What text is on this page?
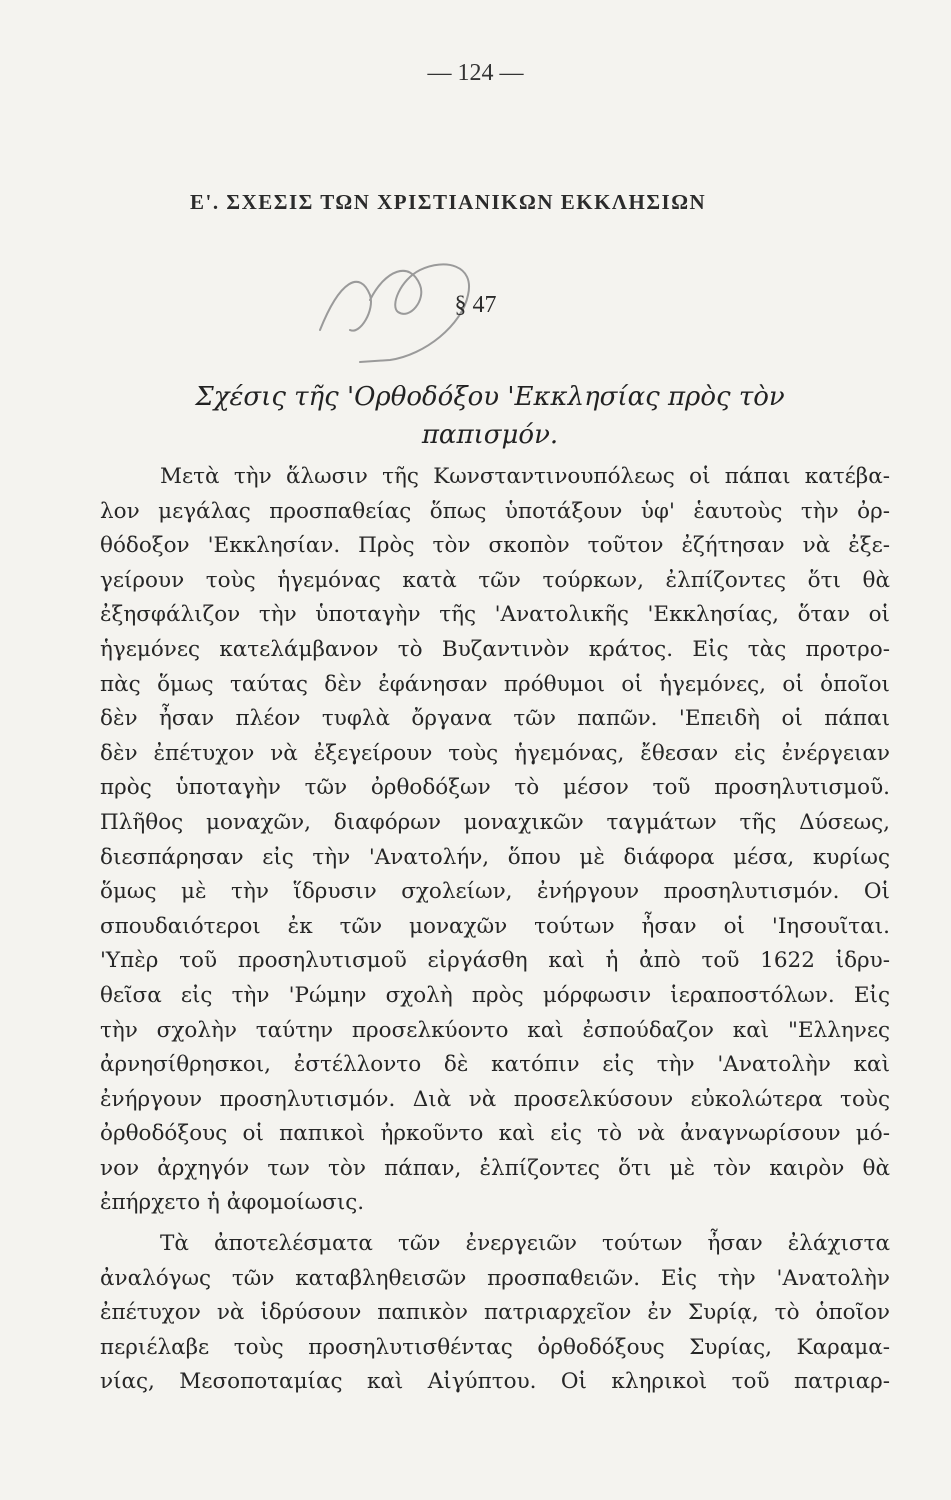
— 124 —
Ε'. ΣΧΕΣΙΣ ΤΩΝ ΧΡΙΣΤΙΑΝΙΚΩΝ ΕΚΚΛΗΣΙΩΝ
§ 47
Σχέσις τῆς 'Ορθοδόξου 'Εκκλησίας πρὸς τὸν
παπισμόν.
Μετὰ τὴν ἅλωσιν τῆς Κωνσταντινουπόλεως οἱ πάπαι κατέβα-
λον μεγάλας προσπαθείας ὅπως ὑποτάξουν ὑφ' ἑαυτοὺς τὴν ὀρ-
θόδοξον 'Εκκλησίαν. Πρὸς τὸν σκοπὸν τοῦτον ἐζήτησαν νὰ ἐξε-
γείρουν τοὺς ἡγεμόνας κατὰ τῶν τούρκων, ἐλπίζοντες ὅτι θὰ
ἐξησφάλιζον τὴν ὑποταγὴν τῆς 'Ανατολικῆς 'Εκκλησίας, ὅταν οἱ
ἡγεμόνες κατελάμβανον τὸ Βυζαντινὸν κράτος. Εἰς τὰς προτρο-
πὰς ὅμως ταύτας δὲν ἐφάνησαν πρόθυμοι οἱ ἡγεμόνες, οἱ ὁποῖοι
δὲν ἦσαν πλέον τυφλὰ ὄργανα τῶν παπῶν. 'Επειδὴ οἱ πάπαι
δὲν ἐπέτυχον νὰ ἐξεγείρουν τοὺς ἡγεμόνας, ἔθεσαν εἰς ἐνέργειαν
πρὸς ὑποταγὴν τῶν ὀρθοδόξων τὸ μέσον τοῦ προσηλυτισμοῦ.
Πλῆθος μοναχῶν, διαφόρων μοναχικῶν ταγμάτων τῆς Δύσεως,
διεσπάρησαν εἰς τὴν 'Ανατολήν, ὅπου μὲ διάφορα μέσα, κυρίως
ὅμως μὲ τὴν ἵδρυσιν σχολείων, ἐνήργουν προσηλυτισμόν. Οἱ
σπουδαιότεροι ἐκ τῶν μοναχῶν τούτων ἦσαν οἱ 'Ιησουῖται.
'Υπὲρ τοῦ προσηλυτισμοῦ εἰργάσθη καὶ ἡ ἀπὸ τοῦ 1622 ἱδρυ-
θεῖσα εἰς τὴν 'Ρώμην σχολὴ πρὸς μόρφωσιν ἱεραποστόλων. Εἰς
τὴν σχολὴν ταύτην προσελκύοντο καὶ ἐσπούδαζον καὶ "Ελληνες
ἀρνησίθρησκοι, ἐστέλλοντο δὲ κατόπιν εἰς τὴν 'Ανατολὴν καὶ
ἐνήργουν προσηλυτισμόν. Διὰ νὰ προσελκύσουν εὐκολώτερα τοὺς
ὀρθοδόξους οἱ παπικοὶ ἠρκοῦντο καὶ εἰς τὸ νὰ ἀναγνωρίσουν μό-
νον ἀρχηγόν των τὸν πάπαν, ἐλπίζοντες ὅτι μὲ τὸν καιρὸν θὰ
ἐπήρχετο ἡ ἀφομοίωσις.
Τὰ ἀποτελέσματα τῶν ἐνεργειῶν τούτων ἦσαν ἐλάχιστα
ἀναλόγως τῶν καταβληθεισῶν προσπαθειῶν. Εἰς τὴν 'Ανατολὴν
ἐπέτυχον νὰ ἱδρύσουν παπικὸν πατριαρχεῖον ἐν Συρίᾳ, τὸ ὁποῖον
περιέλαβε τοὺς προσηλυτισθέντας ὀρθοδόξους Συρίας, Καραμα-
νίας, Μεσοποταμίας καὶ Αἰγύπτου. Οἱ κληρικοὶ τοῦ πατριαρ-
